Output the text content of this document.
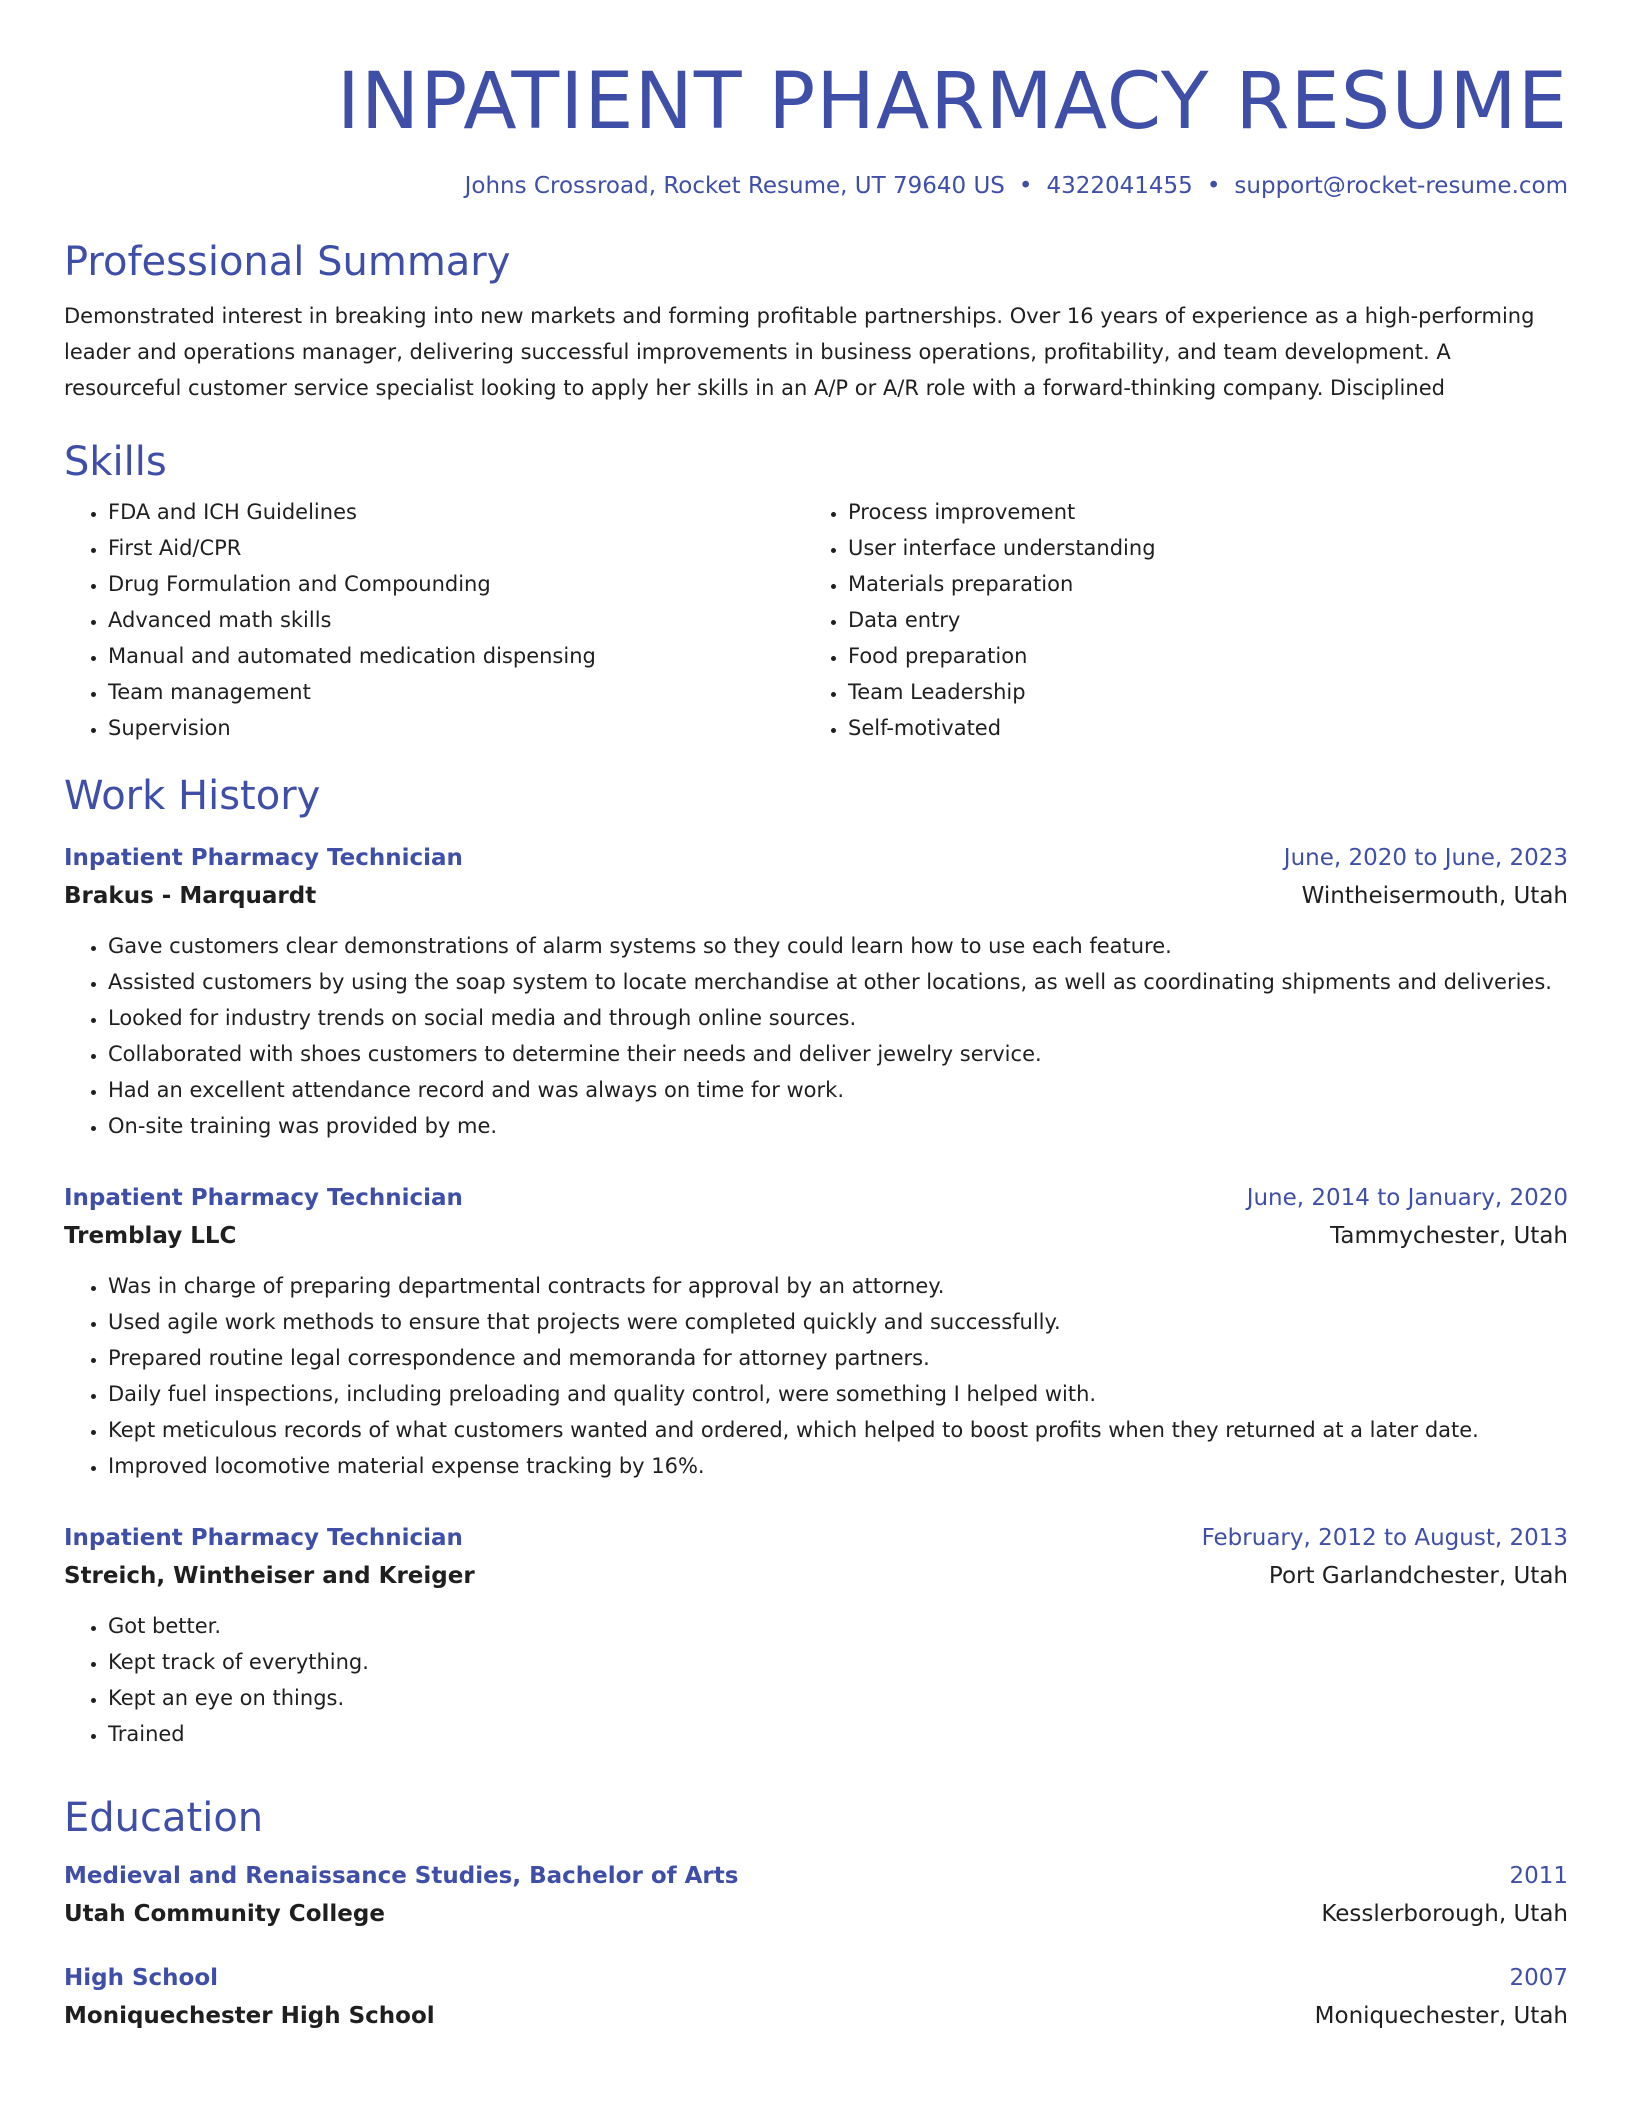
INPATIENT PHARMACY RESUME
Johns Crossroad, Rocket Resume, UT 79640 US • 4322041455 • support@rocket-resume.com
Professional Summary
Demonstrated interest in breaking into new markets and forming profitable partnerships. Over 16 years of experience as a high-performing leader and operations manager, delivering successful improvements in business operations, profitability, and team development. A resourceful customer service specialist looking to apply her skills in an A/P or A/R role with a forward-thinking company. Disciplined
Skills
• FDA and ICH Guidelines
• First Aid/CPR
• Drug Formulation and Compounding
• Advanced math skills
• Manual and automated medication dispensing
• Team management
• Supervision
• Process improvement
• User interface understanding
• Materials preparation
• Data entry
• Food preparation
• Team Leadership
• Self-motivated
Work History
Inpatient Pharmacy Technician	June, 2020 to June, 2023
Brakus - Marquardt	Wintheisermouth, Utah
• Gave customers clear demonstrations of alarm systems so they could learn how to use each feature.
• Assisted customers by using the soap system to locate merchandise at other locations, as well as coordinating shipments and deliveries.
• Looked for industry trends on social media and through online sources.
• Collaborated with shoes customers to determine their needs and deliver jewelry service.
• Had an excellent attendance record and was always on time for work.
• On-site training was provided by me.
Inpatient Pharmacy Technician	June, 2014 to January, 2020
Tremblay LLC	Tammychester, Utah
• Was in charge of preparing departmental contracts for approval by an attorney.
• Used agile work methods to ensure that projects were completed quickly and successfully.
• Prepared routine legal correspondence and memoranda for attorney partners.
• Daily fuel inspections, including preloading and quality control, were something I helped with.
• Kept meticulous records of what customers wanted and ordered, which helped to boost profits when they returned at a later date.
• Improved locomotive material expense tracking by 16%.
Inpatient Pharmacy Technician	February, 2012 to August, 2013
Streich, Wintheiser and Kreiger	Port Garlandchester, Utah
• Got better.
• Kept track of everything.
• Kept an eye on things.
• Trained
Education
Medieval and Renaissance Studies, Bachelor of Arts	2011
Utah Community College	Kesslerborough, Utah
High School	2007
Moniquechester High School	Moniquechester, Utah
